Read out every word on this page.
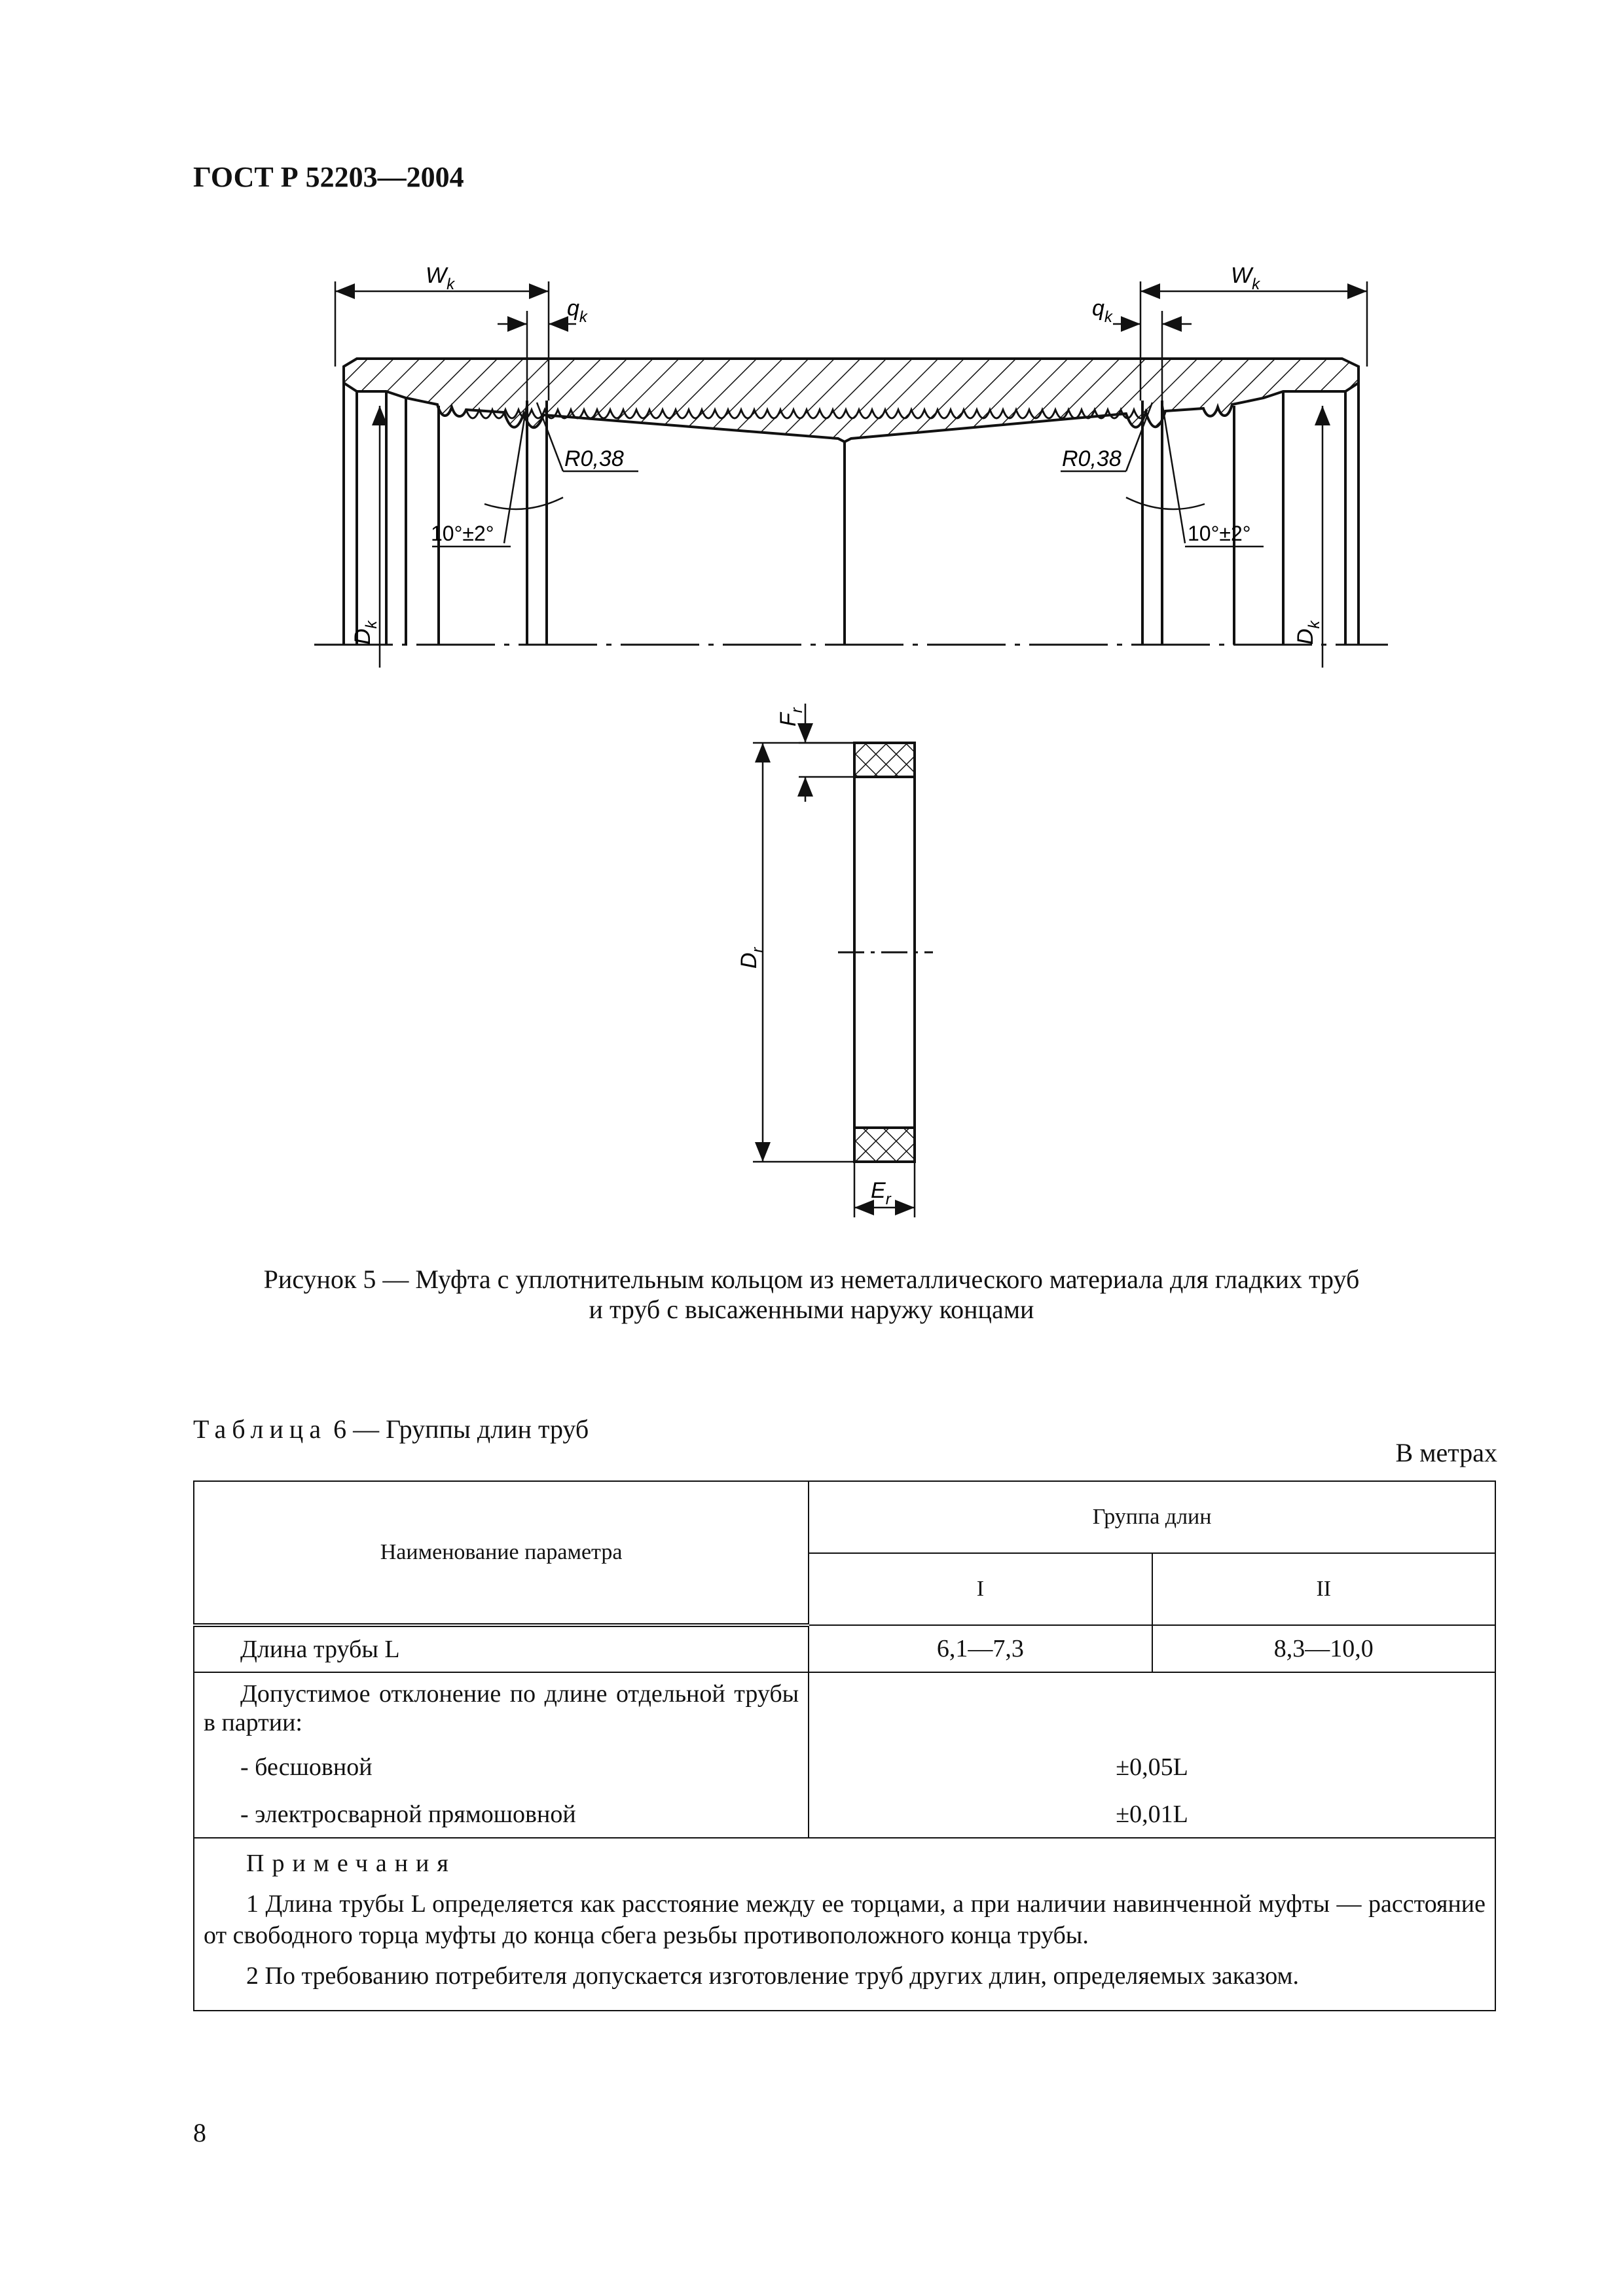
ГОСТ Р 52203—2004
$W_k$
$q_k$
$W_k$
$q_k$
R0,38
10°±2°
R0,38
10°±2°
$D_k$
$D_k$
$F_r$
$D_r$
$E_r$
Рисунок 5 — Муфта с уплотнительным кольцом из неметаллического материала для гладких труб
и труб с высаженными наружу концами
Таблица 6 — Группы длин труб
В метрах
Наименование параметра	Группа длин	
	I	II
Длина трубы L	6,1—7,3	8,3—10,0
Допустимое отклонение по длине отдельной трубы в партии:		
- бесшовной	±0,05L	
- электросварной прямошовной	±0,01L	

Примечания

1 Длина трубы L определяется как расстояние между ее торцами, а при наличии навинченной муфты — расстояние от свободного торца муфты до конца сбега резьбы противоположного конца трубы.

2 По требованию потребителя допускается изготовление труб других длин, определяемых заказом.		

8
